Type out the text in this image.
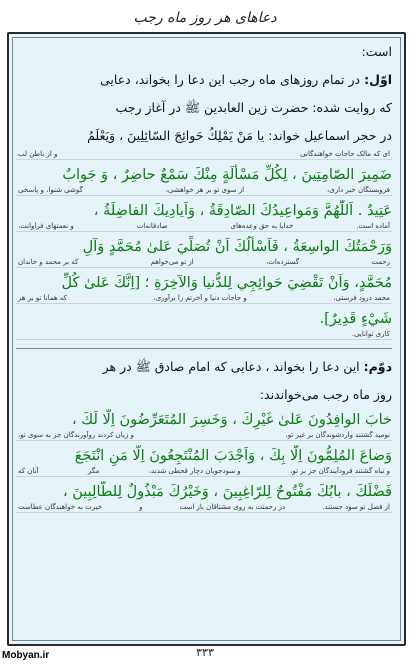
دعاهای هر روز ماه رجب

است:

اوّل: در تمام روزهای ماه رجب این دعا را بخواند، دعایی

که روایت شده: حضرت زین العابدین ﷺ در آغاز رجب

در حجر اسماعیل خواند: يا مَنْ يَمْلِكُ حَوائِجَ السّائِلِينَ ، وَيَعْلَمُ

ای که مالک حاجات خواهندگانی
و از باطن لب

ضَمِيرَ الصّامِتِينَ ، لِكُلِّ مَسْأَلَةٍ مِنْكَ سَمْعٌ حاضِرٌ ، وَ جَوابٌ

فروبستگان خبر داری،
از سوی تو بر هر خواهشی،
گوشی شنوا، و پاسخی

عَتِيدٌ . اَللّٰهُمَّ وَمَواعِيدُكَ الصّادِقَةُ ، وَاَيادِيكَ الفاضِلَةُ ،

آماده است.
خدایا به حق وعده‌های
صادقانه‌ات
و نعمتهای فراوانت،

وَرَحْمَتُكَ الواسِعَةُ ، فَاَسْأَلُكَ اَنْ تُصَلِّيَ عَلىٰ مُحَمَّدٍ وَآلِ

رحمت
گسترده‌ات،
از تو می‌خواهم
که بر محمد و خاندان

مُحَمَّدٍ، وَاَنْ تَقْضِيَ حَوائِجِي لِلدُّنيا وَالآخِرَةِ ؛ [اِنَّكَ عَلىٰ كُلِّ

محمد درود فرستی،
و حاجات دنیا و آخرتم را برآوری،
که همانا تو بر هر

شَيْءٍ قَدِيرٌ].

کاری توانایی.

دوّم: این دعا را بخواند ، دعایی که امام صادق ﷺ در هر

روز ماه رجب می‌خواندند:

خابَ الوافِدُونَ عَلىٰ غَيْرِكَ ، وَخَسِرَ المُتَعَرِّضُونَ اِلّا لَكَ ،

نومید گشتند واردشوندگان بر غیر تو،
و زیان کردند روآورندگان جز به سوی تو،

وَضاعَ المُلِمُّونَ اِلّا بِكَ ، وَاَجْدَبَ المُنْتَجِعُونَ اِلّا مَنِ انْتَجَعَ

و تباه گشتند فرودآیندگان جز بر تو،
و سودجویان دچار قحطی شدند،
مگر
آنان که

فَضْلَكَ ، بابُكَ مَفْتُوحٌ لِلرّاغِبِينَ ، وَخَيْرُكَ مَبْذُولٌ لِلطّالِبِينَ ،

از فضل تو سود جستند.
در رحمتت به روی مشتاقان باز است
و
خیرت به خواهندگان عطاست
۳۳۳
Mobyan.ir
